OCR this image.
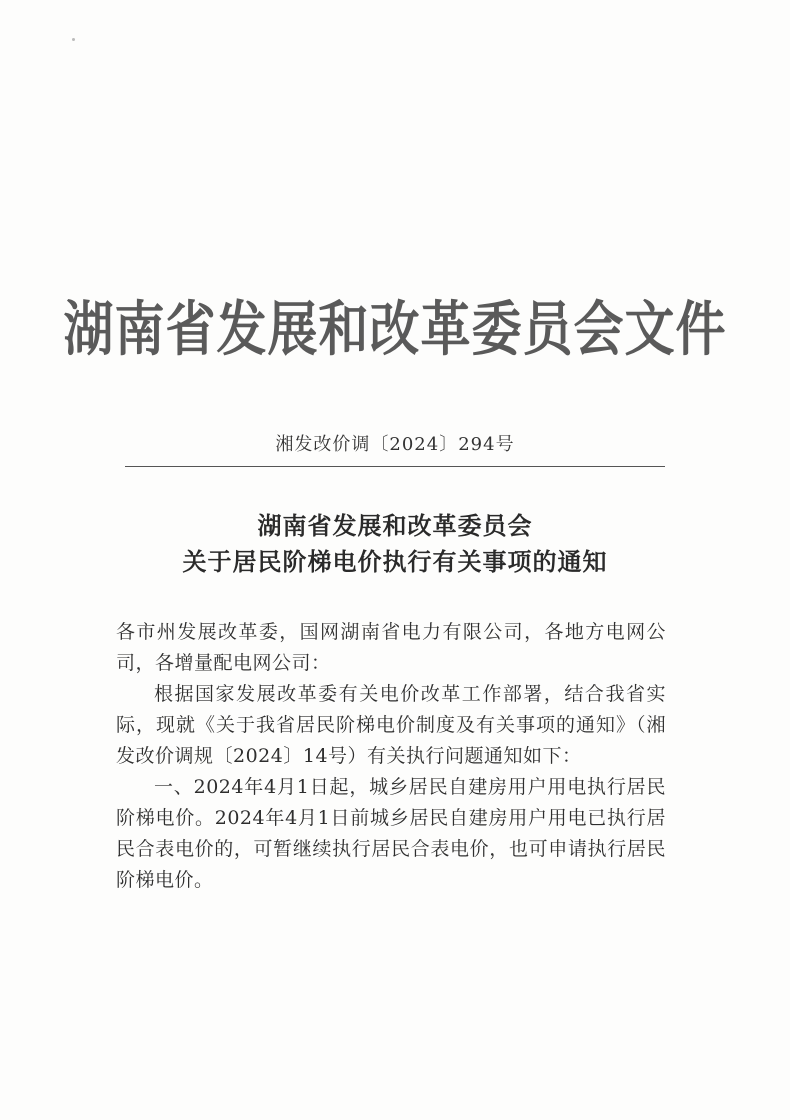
湖南省发展和改革委员会文件
湘发改价调〔2024〕294号
湖南省发展和改革委员会
关于居民阶梯电价执行有关事项的通知

各市州发展改革委，国网湖南省电力有限公司，各地方电网公司，各增量配电网公司：

根据国家发展改革委有关电价改革工作部署，结合我省实际，现就《关于我省居民阶梯电价制度及有关事项的通知》（湘发改价调规〔2024〕14号）有关执行问题通知如下：

一、2024年4月1日起，城乡居民自建房用户用电执行居民阶梯电价。2024年4月1日前城乡居民自建房用户用电已执行居民合表电价的，可暂继续执行居民合表电价，也可申请执行居民阶梯电价。
